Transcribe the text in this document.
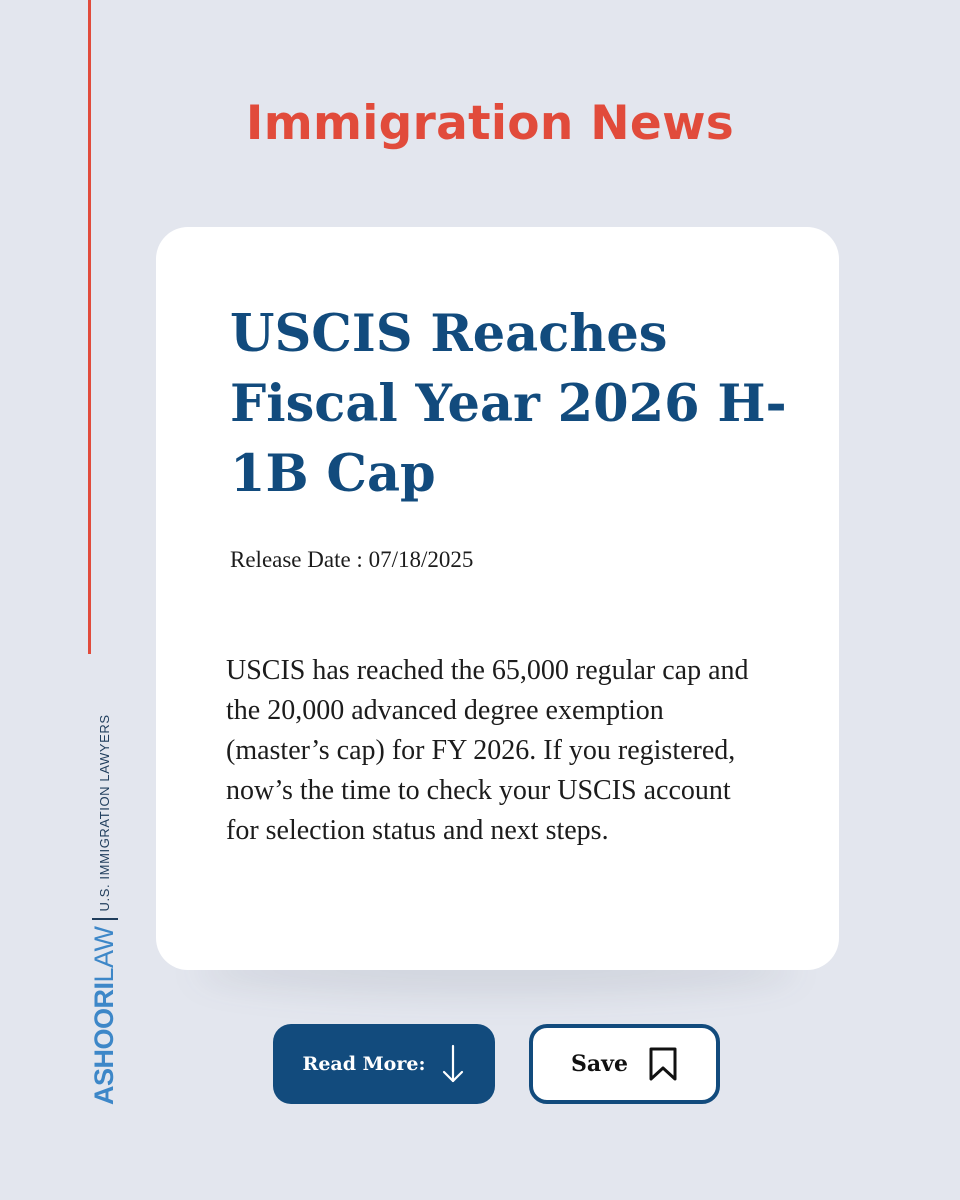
ASHOORILAW
U.S. IMMIGRATION LAWYERS
Immigration News
USCIS Reaches Fiscal Year 2026 H-1B Cap
Release Date : 07/18/2025

USCIS has reached the 65,000 regular cap and the 20,000 advanced degree exemption (master’s cap) for FY 2026. If you registered, now’s the time to check your USCIS account for selection status and next steps.

Read More:	Save
